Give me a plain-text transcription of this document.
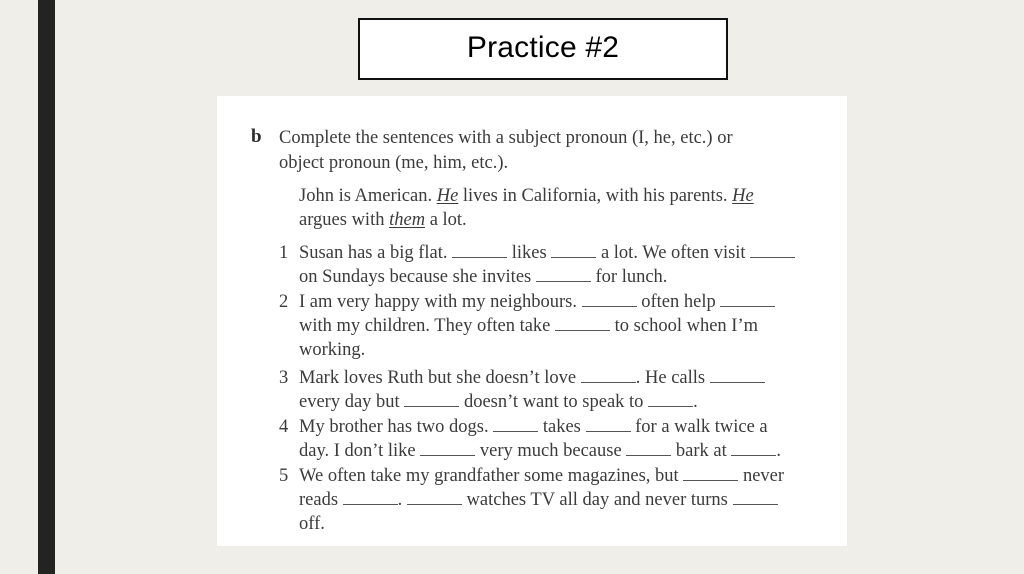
Practice #2
b Complete the sentences with a subject pronoun (I, he, etc.) or
object pronoun (me, him, etc.).
John is American. He lives in California, with his parents. He
argues with them a lot.
1 Susan has a big flat.	likes  a lot. We often visit
on Sundays because she invites	for lunch.
2 I am very happy with my neighbours.	often help
with my children. They often take	to school when I’m
working.
3 Mark loves Ruth but she doesn’t love	. He calls
every day but	doesn’t want to speak to .
4 My brother has two dogs.  takes  for a walk twice a
day. I don’t like	very much because  bark at .
5 We often take my grandfather some magazines, but	never
reads	.	watches TV all day and never turns
off.
